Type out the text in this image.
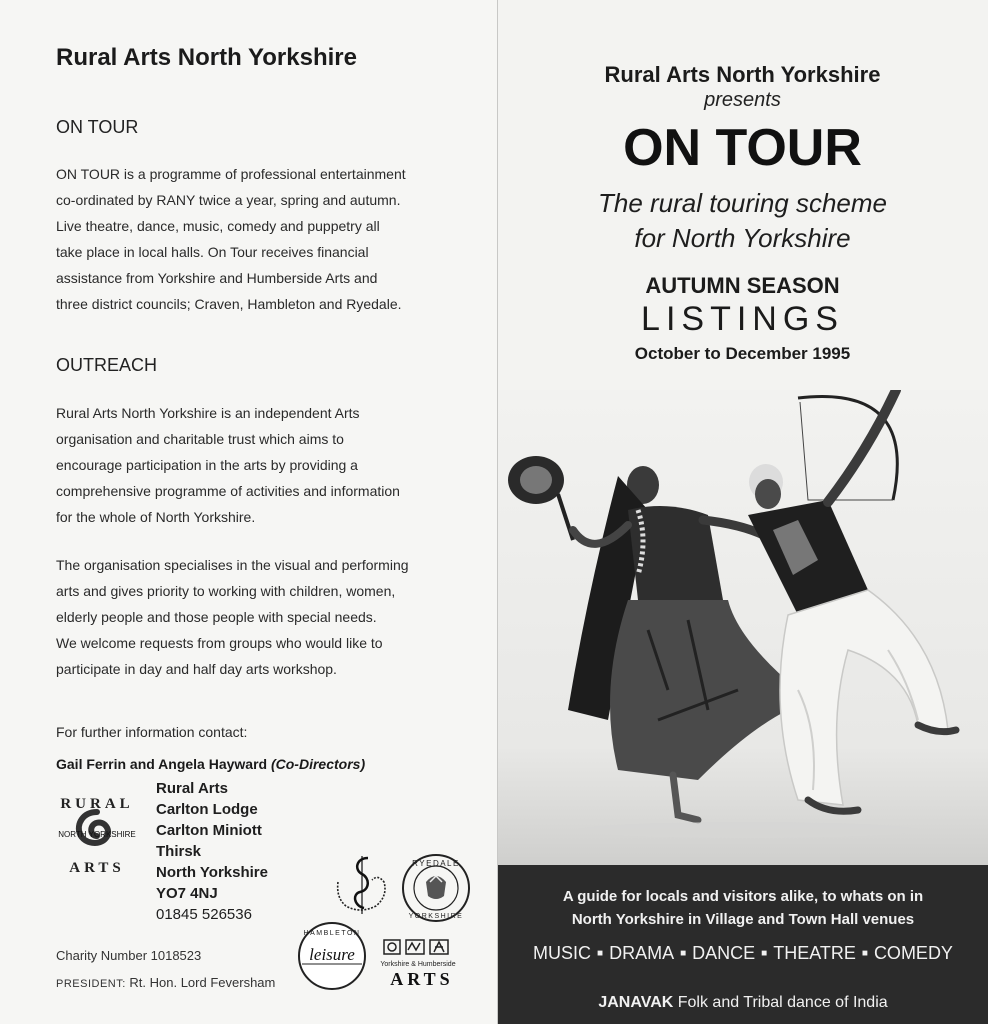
Rural Arts North Yorkshire
ON TOUR
ON TOUR is a programme of professional entertainment
co-ordinated by RANY twice a year, spring and autumn.
Live theatre, dance, music, comedy and puppetry all
take place in local halls. On Tour receives financial
assistance from Yorkshire and Humberside Arts and
three district councils; Craven, Hambleton and Ryedale.
OUTREACH
Rural Arts North Yorkshire is an independent Arts
organisation and charitable trust which aims to
encourage participation in the arts by providing a
comprehensive programme of activities and information
for the whole of North Yorkshire.
The organisation specialises in the visual and performing
arts and gives priority to working with children, women,
elderly people and those people with special needs.
We welcome requests from groups who would like to
participate in day and half day arts workshop.
For further information contact:
Gail Ferrin and Angela Hayward (Co-Directors)
Rural Arts
Carlton Lodge
Carlton Miniott
Thirsk
North Yorkshire
YO7 4NJ
01845 526536
Charity Number 1018523
PRESIDENT: Rt. Hon. Lord Feversham
RURAL
NORTH YORKSHIRE
ARTS	RYEDALE
YORKSHIRE
HAMBLETON
leisure
Yorkshire & Humberside
ARTS
Rural Arts North Yorkshire
presents
ON TOUR
The rural touring scheme
for North Yorkshire
AUTUMN SEASON
LISTINGS
October to December 1995
A guide for locals and visitors alike, to whats on in
North Yorkshire in Village and Town Hall venues
MUSIC ■ DRAMA ■ DANCE ■ THEATRE ■ COMEDY
JANAVAK Folk and Tribal dance of India
